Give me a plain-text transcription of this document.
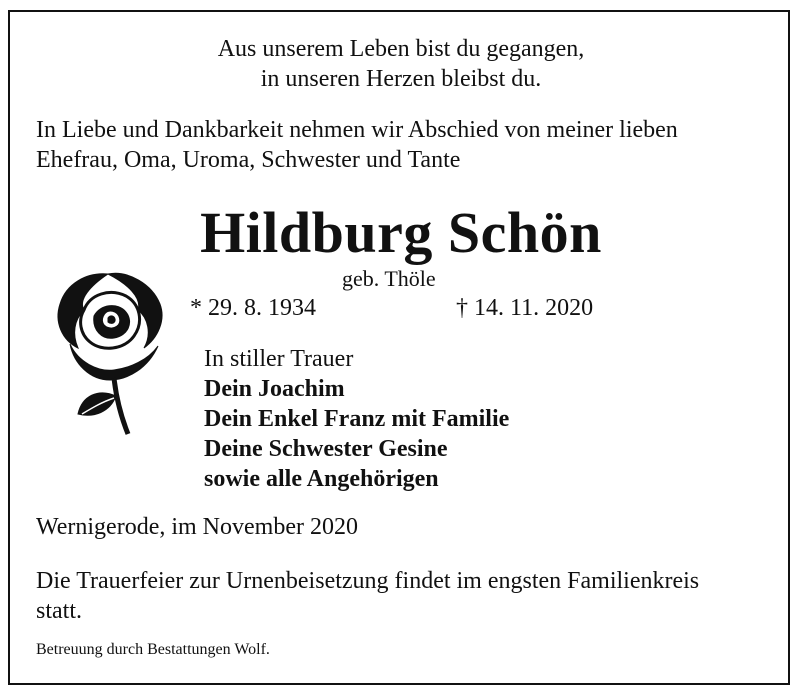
Aus unserem Leben bist du gegangen,
in unseren Herzen bleibst du.
In Liebe und Dankbarkeit nehmen wir Abschied von meiner lieben
Ehefrau, Oma, Uroma, Schwester und Tante
Hildburg Schön
geb. Thöle
* 29. 8. 1934	† 14. 11. 2020
In stiller Trauer
Dein Joachim
Dein Enkel Franz mit Familie
Deine Schwester Gesine
sowie alle Angehörigen
Wernigerode, im November 2020
Die Trauerfeier zur Urnenbeisetzung findet im engsten Familienkreis
statt.
Betreuung durch Bestattungen Wolf.
